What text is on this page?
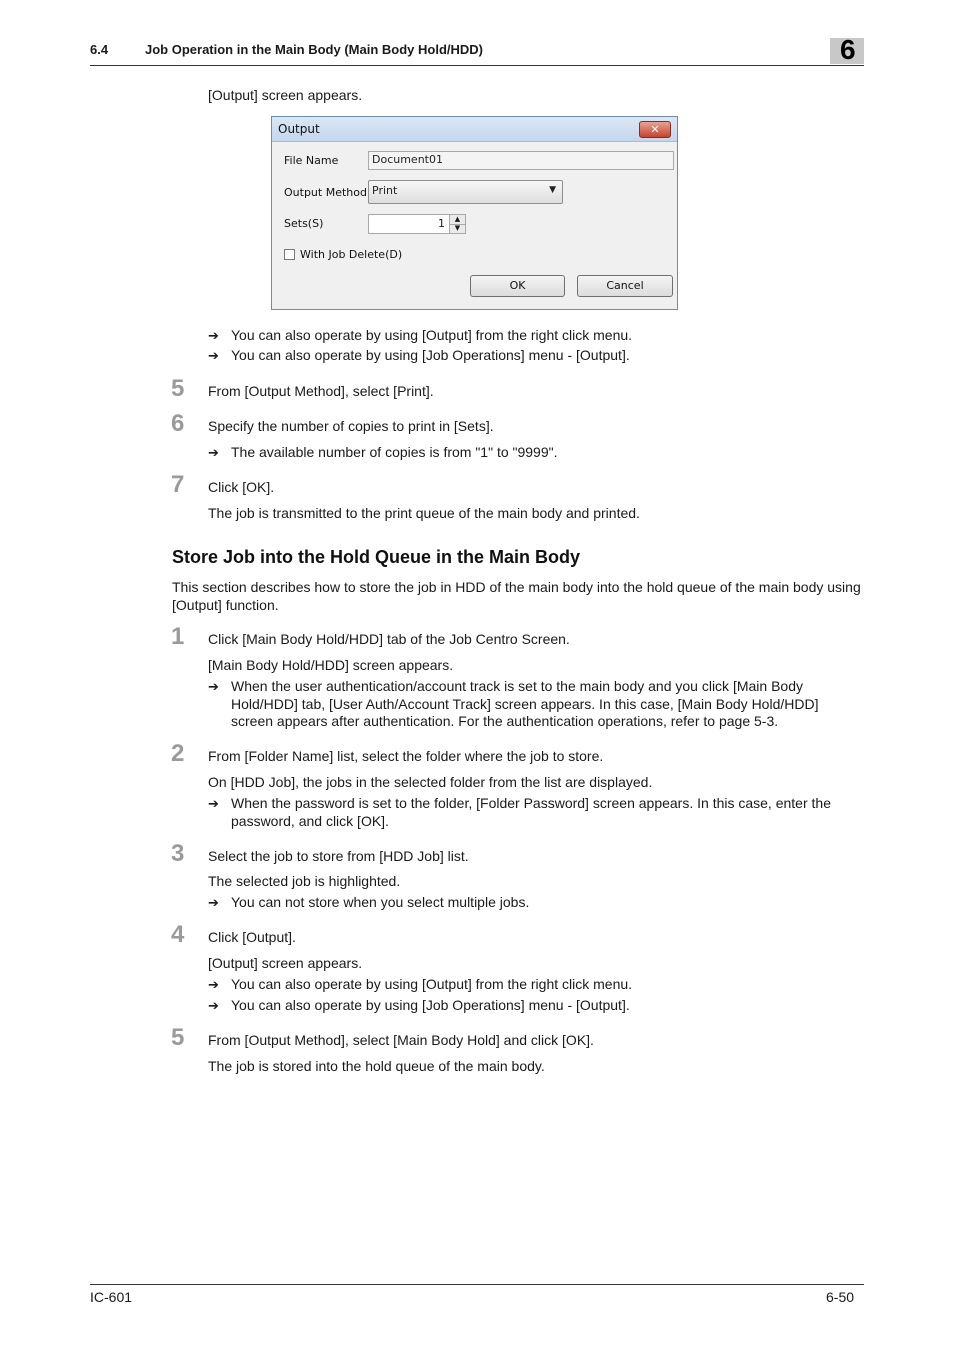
6.4	Job Operation in the Main Body (Main Body Hold/HDD)	6
[Output] screen appears.
Output	✕
File Name	Document01
Output Method Print	▼
Sets(S)	1	▲
▼
With Job Delete(D)
OK	Cancel
➔ You can also operate by using [Output] from the right click menu.
➔ You can also operate by using [Job Operations] menu - [Output].
5 From [Output Method], select [Print].
6 Specify the number of copies to print in [Sets].
➔ The available number of copies is from "1" to "9999".
7 Click [OK].
The job is transmitted to the print queue of the main body and printed.
Store Job into the Hold Queue in the Main Body
This section describes how to store the job in HDD of the main body into the hold queue of the main body using [Output] function.
1 Click [Main Body Hold/HDD] tab of the Job Centro Screen.
[Main Body Hold/HDD] screen appears.
➔ When the user authentication/account track is set to the main body and you click [Main Body Hold/HDD] tab, [User Auth/Account Track] screen appears. In this case, [Main Body Hold/HDD] screen appears after authentication. For the authentication operations, refer to page 5-3.
2 From [Folder Name] list, select the folder where the job to store.
On [HDD Job], the jobs in the selected folder from the list are displayed.
➔ When the password is set to the folder, [Folder Password] screen appears. In this case, enter the password, and click [OK].
3 Select the job to store from [HDD Job] list.
The selected job is highlighted.
➔ You can not store when you select multiple jobs.
4 Click [Output].
[Output] screen appears.
➔ You can also operate by using [Output] from the right click menu.
➔ You can also operate by using [Job Operations] menu - [Output].
5 From [Output Method], select [Main Body Hold] and click [OK].
The job is stored into the hold queue of the main body.
IC-601	6-50
